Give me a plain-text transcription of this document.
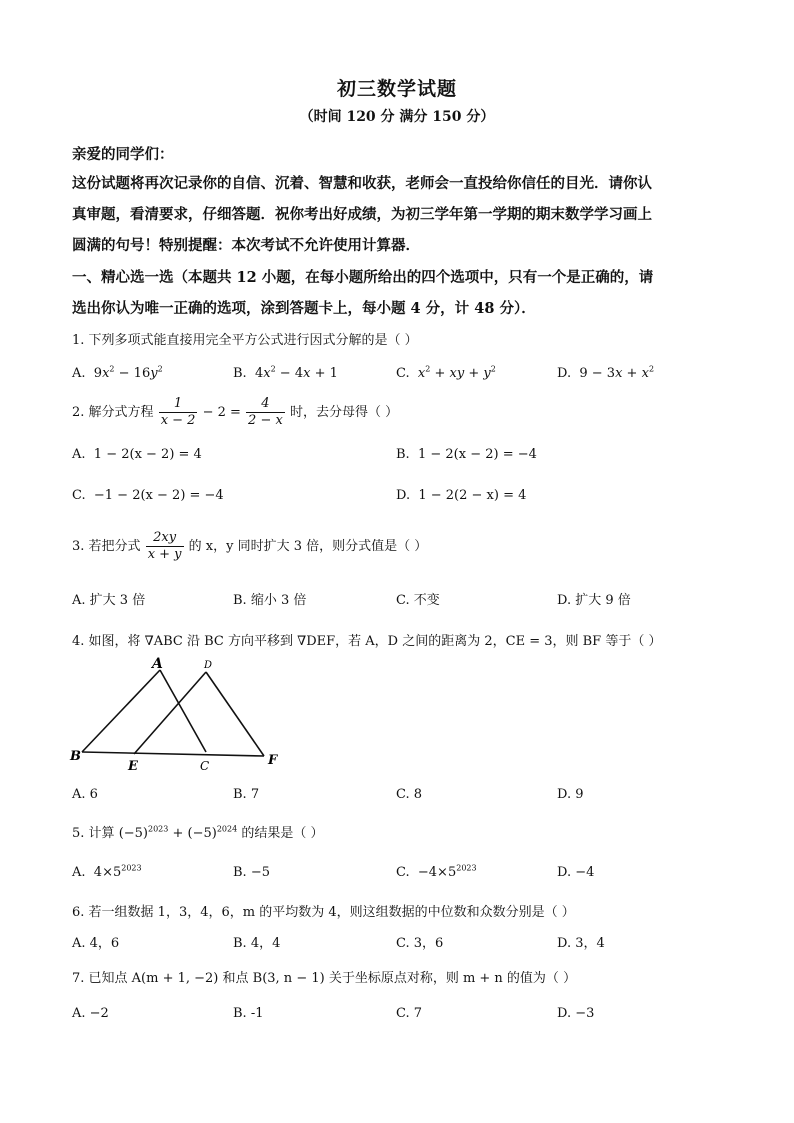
初三数学试题
（时间 120 分 满分 150 分）
亲爱的同学们：
这份试题将再次记录你的自信、沉着、智慧和收获，老师会一直投给你信任的目光．请你认
真审题，看清要求，仔细答题．祝你考出好成绩，为初三学年第一学期的期末数学学习画上
圆满的句号！特别提醒：本次考试不允许使用计算器．
一、精心选一选（本题共 12 小题，在每小题所给出的四个选项中，只有一个是正确的，请
选出你认为唯一正确的选项，涂到答题卡上，每小题 4 分，计 48 分）．
1. 下列多项式能直接用完全平方公式进行因式分解的是（ ）
A.  $9x^2 - 16y^2$	B.  $4x^2 - 4x + 1$	C. $x^2$ + xy + $y^2$	D.  $9 - 3x + x^2$
2. 解分式方程 $\frac{1}{x - 2} - 2 = \frac{4}{2 - x}$ 时，去分母得（ ）
A. 1 − 2(x − 2) = 4	B. 1 − 2(x − 2) = −4
C. −1 − 2(x − 2) = −4	D. 1 − 2(2 − x) = 4
3. 若把分式 $\frac{2xy}{x + y}$ 的 x，y 同时扩大 3 倍，则分式值是（ ）
A. 扩大 3 倍	B. 缩小 3 倍	C. 不变	D. 扩大 9 倍
4. 如图，将 ∇ABC 沿 BC 方向平移到 ∇DEF，若 A，D 之间的距离为 2，CE = 3，则 BF 等于（ ）
A	D
B
E	C	F
A. 6	B. 7	C. 8	D. 9
5. 计算 $(-5)^{2023} + (-5)^{2024}$ 的结果是（ ）
A.  $4\times 5^{2023}$	B. −5	C.  $-4\times 5^{2023}$	D. −4
6. 若一组数据 1，3，4，6，m 的平均数为 4，则这组数据的中位数和众数分别是（ ）
A. 4，6	B. 4，4	C. 3，6	D. 3，4
7. 已知点 A(m + 1, −2) 和点 B(3, n − 1) 关于坐标原点对称，则 m + n 的值为（ ）
A. −2	B. -1	C. 7	D. −3
